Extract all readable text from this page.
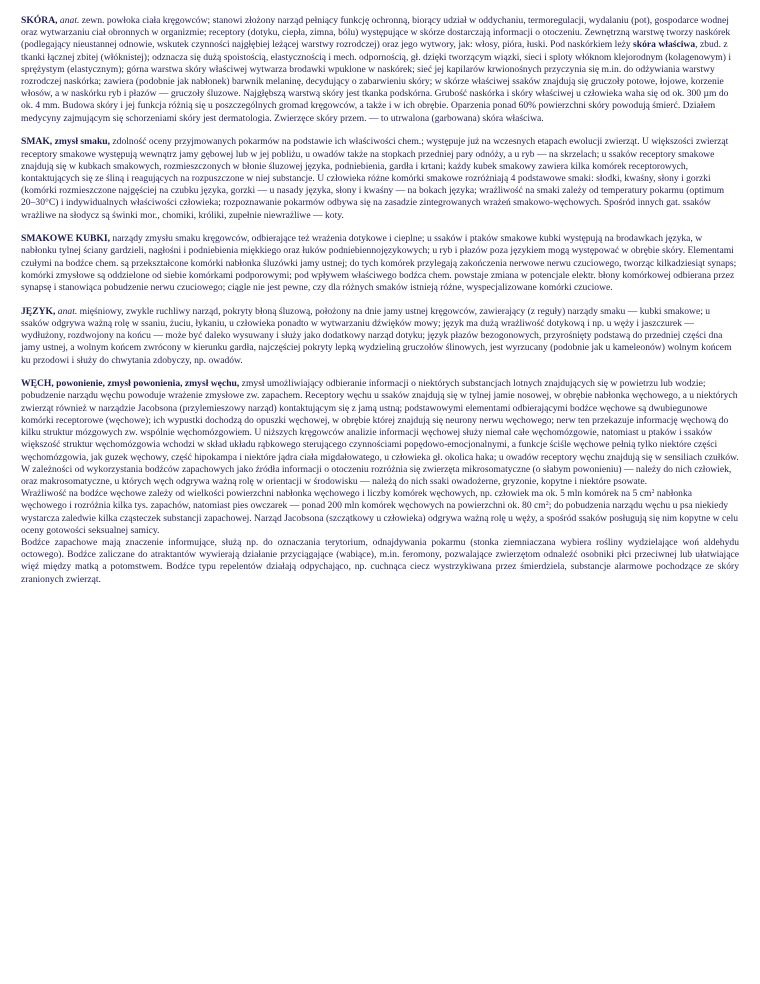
SKÓRA, anat. zewn. powłoka ciała kręgowców; stanowi złożony narząd pełniący funkcję ochronną, biorący udział w oddychaniu, termoregulacji, wydalaniu (pot), gospodarce wodnej oraz wytwarzaniu ciał obronnych w organizmie; receptory (dotyku, ciepła, zimna, bólu) występujące w skórze dostarczają informacji o otoczeniu. Zewnętrzną warstwę tworzy naskórek (podlegający nieustannej odnowie, wskutek czynności najgłębiej leżącej warstwy rozrodczej) oraz jego wytwory, jak: włosy, pióra, łuski. Pod naskórkiem leży skóra właściwa, zbud. z tkanki łącznej zbitej (włóknistej); odznacza się dużą spoistością, elastycznością i mech. odpornością, gł. dzięki tworzącym wiązki, sieci i sploty włóknom klejorodnym (kolagenowym) i sprężystym (elastycznym); górna warstwa skóry właściwej wytwarza brodawki wpuklone w naskórek; sieć jej kapilarów krwionośnych przyczynia się m.in. do odżywiania warstwy rozrodczej naskórka; zawiera (podobnie jak nabłonek) barwnik melaninę, decydujący o zabarwieniu skóry; w skórze właściwej ssaków znajdują się gruczoły potowe, łojowe, korzenie włosów, a w naskórku ryb i płazów — gruczoły śluzowe. Najgłębszą warstwą skóry jest tkanka podskórna. Grubość naskórka i skóry właściwej u człowieka waha się od ok. 300 µm do ok. 4 mm. Budowa skóry i jej funkcja różnią się u poszczególnych gromad kręgowców, a także i w ich obrębie. Oparzenia ponad 60% powierzchni skóry powodują śmierć. Działem medycyny zajmującym się schorzeniami skóry jest dermatologia. Zwierzęce skóry przem. — to utrwalona (garbowana) skóra właściwa.

SMAK, zmysł smaku, zdolność oceny przyjmowanych pokarmów na podstawie ich właściwości chem.; występuje już na wczesnych etapach ewolucji zwierząt. U większości zwierząt receptory smakowe występują wewnątrz jamy gębowej lub w jej pobliżu, u owadów także na stopkach przedniej pary odnóży, a u ryb — na skrzelach; u ssaków receptory smakowe znajdują się w kubkach smakowych, rozmieszczonych w błonie śluzowej języka, podniebienia, gardła i krtani; każdy kubek smakowy zawiera kilka komórek receptorowych, kontaktujących się ze śliną i reagujących na rozpuszczone w niej substancje. U człowieka różne komórki smakowe rozróżniają 4 podstawowe smaki: słodki, kwaśny, słony i gorzki (komórki rozmieszczone najgęściej na czubku języka, gorzki — u nasady języka, słony i kwaśny — na bokach języka; wrażliwość na smaki zależy od temperatury pokarmu (optimum 20–30°C) i indywidualnych właściwości człowieka; rozpoznawanie pokarmów odbywa się na zasadzie zintegrowanych wrażeń smakowo-węchowych. Spośród innych gat. ssaków wrażliwe na słodycz są świnki mor., chomiki, króliki, zupełnie niewrażliwe — koty.

SMAKOWE KUBKI, narządy zmysłu smaku kręgowców, odbierające też wrażenia dotykowe i cieplne; u ssaków i ptaków smakowe kubki występują na brodawkach języka, w nabłonku tylnej ściany gardzieli, nagłośni i podniebienia miękkiego oraz łuków podniebiennojęzykowych; u ryb i płazów poza językiem mogą występować w obrębie skóry. Elementami czułymi na bodźce chem. są przekształcone komórki nabłonka śluzówki jamy ustnej; do tych komórek przylegają zakończenia nerwowe nerwu czuciowego, tworząc kilkadziesiąt synaps; komórki zmysłowe są oddzielone od siebie komórkami podporowymi; pod wpływem właściwego bodźca chem. powstaje zmiana w potencjale elektr. błony komórkowej odbierana przez synapsę i stanowiąca pobudzenie nerwu czuciowego; ciągle nie jest pewne, czy dla różnych smaków istnieją różne, wyspecjalizowane komórki czuciowe.

JĘZYK, anat. mięśniowy, zwykle ruchliwy narząd, pokryty błoną śluzową, położony na dnie jamy ustnej kręgowców, zawierający (z reguły) narządy smaku — kubki smakowe; u ssaków odgrywa ważną rolę w ssaniu, żuciu, łykaniu, u człowieka ponadto w wytwarzaniu dźwięków mowy; język ma dużą wrażliwość dotykową i np. u węży i jaszczurek — wydłużony, rozdwojony na końcu — może być daleko wysuwany i służy jako dodatkowy narząd dotyku; język płazów bezogonowych, przyrośnięty podstawą do przedniej części dna jamy ustnej, a wolnym końcem zwrócony w kierunku gardła, najczęściej pokryty lepką wydzieliną gruczołów ślinowych, jest wyrzucany (podobnie jak u kameleonów) wolnym końcem ku przodowi i służy do chwytania zdobyczy, np. owadów.

WĘCH, powonienie, zmysł powonienia, zmysł węchu, zmysł umożliwiający odbieranie informacji o niektórych substancjach lotnych znajdujących się w powietrzu lub wodzie; pobudzenie narządu węchu powoduje wrażenie zmysłowe zw. zapachem. Receptory węchu u ssaków znajdują się w tylnej jamie nosowej, w obrębie nabłonka węchowego, a u niektórych zwierząt również w narządzie Jacobsona (przylemieszowy narząd) kontaktującym się z jamą ustną; podstawowymi elementami odbierającymi bodźce węchowe są dwubiegunowe komórki receptorowe (węchowe); ich wypustki dochodzą do opuszki węchowej, w obrębie której znajdują się neurony nerwu węchowego; nerw ten przekazuje informację węchową do kilku struktur mózgowych zw. wspólnie węchomózgowiem. U niższych kręgowców analizie informacji węchowej służy niemal całe węchomózgowie, natomiast u ptaków i ssaków większość struktur węchomózgowia wchodzi w skład układu rąbkowego sterującego czynnościami popędowo-emocjonalnymi, a funkcje ściśle węchowe pełnią tylko niektóre części węchomózgowia, jak guzek węchowy, część hipokampa i niektóre jądra ciała migdałowatego, u człowieka gł. okolica haka; u owadów receptory węchu znajdują się w sensiliach czułków. W zależności od wykorzystania bodźców zapachowych jako źródła informacji o otoczeniu rozróżnia się zwierzęta mikrosomatyczne (o słabym powonieniu) — należy do nich człowiek, oraz makrosomatyczne, u których węch odgrywa ważną rolę w orientacji w środowisku — należą do nich ssaki owadożerne, gryzonie, kopytne i niektóre psowate.

Wrażliwość na bodźce węchowe zależy od wielkości powierzchni nabłonka węchowego i liczby komórek węchowych, np. człowiek ma ok. 5 mln komórek na 5 $cm^2$ nabłonka węchowego i rozróżnia kilka tys. zapachów, natomiast pies owczarek — ponad 200 mln komórek węchowych na powierzchni ok. 80 $cm^2$; do pobudzenia narządu węchu u psa niekiedy wystarcza zaledwie kilka cząsteczek substancji zapachowej. Narząd Jacobsona (szczątkowy u człowieka) odgrywa ważną rolę u węży, a spośród ssaków posługują się nim kopytne w celu oceny gotowości seksualnej samicy.

Bodźce zapachowe mają znaczenie informujące, służą np. do oznaczania terytorium, odnajdywania pokarmu (stonka ziemniaczana wybiera rośliny wydzielające woń aldehydu octowego). Bodźce zaliczane do atraktantów wywierają działanie przyciągające (wabiące), m.in. feromony, pozwalające zwierzętom odnaleźć osobniki płci przeciwnej lub ułatwiające więź między matką a potomstwem. Bodźce typu repelentów działają odpychająco, np. cuchnąca ciecz wystrzykiwana przez śmierdziela, substancje alarmowe pochodzące ze skóry zranionych zwierząt.
